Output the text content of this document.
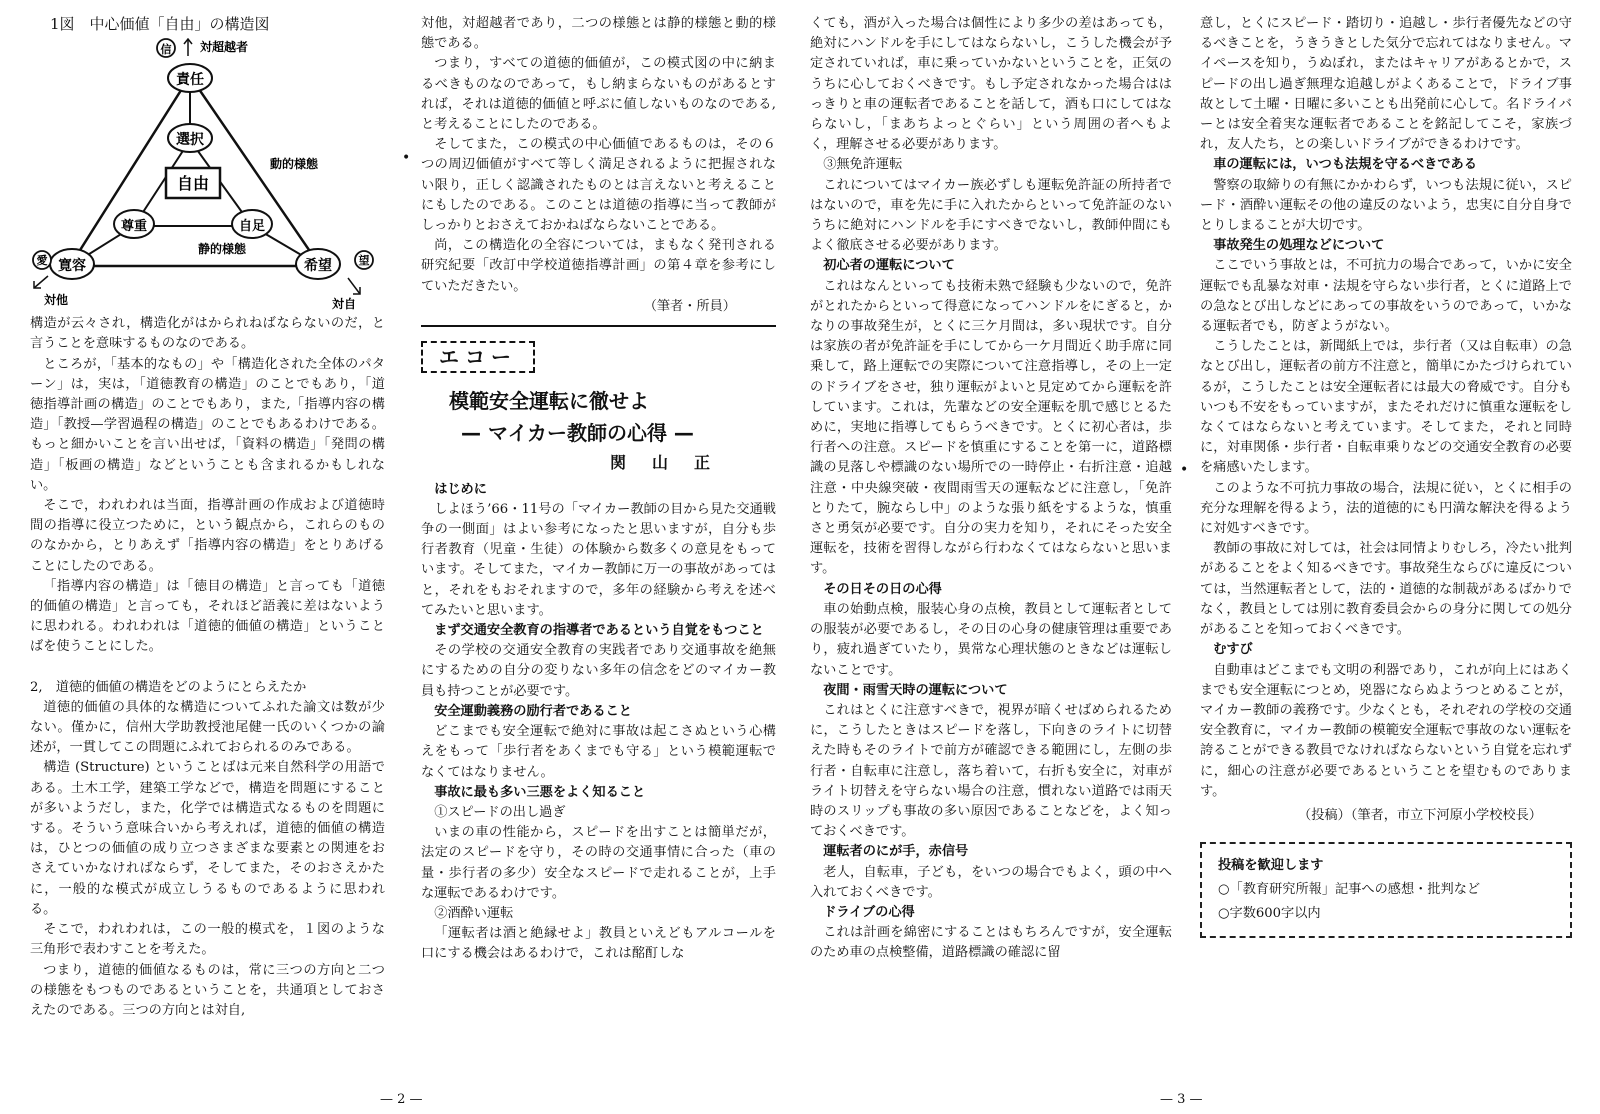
1図　中心価値「自由」の構造図
自由
責任
選択
尊重	自足
寛容	希望
信 対超越者
愛	望
動的様態
静的様態
対他	対自

構造が云々され，構造化がはかられねばならないのだ，と言うことを意味するものなのである。

ところが，「基本的なもの」や「構造化された全体のパターン」は，実は，「道徳教育の構造」のことでもあり，「道徳指導計画の構造」のことでもあり，また,「指導内容の構造」「教授—学習過程の構造」のことでもあるわけである。もっと細かいことを言い出せば，「資料の構造」「発問の構造」「板画の構造」などということも含まれるかもしれない。

そこで，われわれは当面，指導計画の作成および道徳時間の指導に役立つために，という観点から，これらのもののなかから，とりあえず「指導内容の構造」をとりあげることにしたのである。

「指導内容の構造」は「徳目の構造」と言っても「道徳的価値の構造」と言っても，それほど語義に差はないように思われる。われわれは「道徳的価値の構造」ということばを使うことにした。

2,　道徳的価値の構造をどのようにとらえたか

道徳的価値の具体的な構造についてふれた論文は数が少ない。僅かに，信州大学助教授池尾健一氏のいくつかの論述が，一貫してこの問題にふれておられるのみである。

構造 (Structure) ということばは元来自然科学の用語である。土木工学，建築工学などで，構造を問題にすることが多いようだし，また，化学では構造式なるものを問題にする。そういう意味合いから考えれば，道徳的価値の構造は，ひとつの価値の成り立つさまざまな要素との関連をおさえていかなければならず，そしてまた，そのおさえかたに，一般的な模式が成立しうるものであるように思われる。

そこで，われわれは，この一般的模式を，１図のような三角形で表わすことを考えた。

つまり，道徳的価値なるものは，常に三つの方向と二つの様態をもつものであるということを，共通項としておさえたのである。三つの方向とは対自,

対他，対超越者であり，二つの様態とは静的様態と動的様態である。

つまり，すべての道徳的価値が，この模式図の中に納まるべきものなのであって，もし納まらないものがあるとすれば，それは道徳的価値と呼ぶに値しないものなのである,と考えることにしたのである。

そしてまた，この模式の中心価値であるものは，その６つの周辺価値がすべて等しく満足されるように把握されない限り，正しく認識されたものとは言えないと考えることにもしたのである。このことは道徳の指導に当って教師がしっかりとおさえておかねばならないことである。

尚，この構造化の全容については，まもなく発刊される研究紀要「改訂中学校道徳指導計画」の第４章を参考にしていただきたい。

（筆者・所員）

エコー
模範安全運転に徹せよ
— マイカー教師の心得 —
関山正

はじめに

しよほう’66・11号の「マイカー教師の目から見た交通戦争の一側面」はよい参考になったと思いますが，自分も歩行者教育（児童・生徒）の体験から数多くの意見をもっています。そしてまた，マイカー教師に万一の事故があってはと，それをもおそれますので，多年の経験から考えを述べてみたいと思います。

まず交通安全教育の指導者であるという自覚をもつこと

その学校の交通安全教育の実践者であり交通事故を絶無にするための自分の変りない多年の信念をどのマイカー教員も持つことが必要です。

安全運動義務の励行者であること

どこまでも安全運転で絶対に事故は起こさぬという心構えをもって「歩行者をあくまでも守る」という模範運転でなくてはなりません。

事故に最も多い三悪をよく知ること

①スピードの出し過ぎ

いまの車の性能から，スピードを出すことは簡単だが，法定のスピードを守り，その時の交通事情に合った（車の量・歩行者の多少）安全なスピードで走れることが，上手な運転であるわけです。

②酒酔い運転

「運転者は酒と絶縁せよ」教員といえどもアルコールを口にする機会はあるわけで，これは酩酊しな

くても，酒が入った場合は個性により多少の差はあっても，絶対にハンドルを手にしてはならないし，こうした機会が予定されていれば，車に乗っていかないということを，正気のうちに心しておくべきです。もし予定されなかった場合ははっきりと車の運転者であることを話して，酒も口にしてはならないし，「まあちよっとぐらい」という周囲の者へもよく，理解させる必要があります。

③無免許運転

これについてはマイカー族必ずしも運転免許証の所持者ではないので，車を先に手に入れたからといって免許証のないうちに絶対にハンドルを手にすべきでないし，教師仲間にもよく徹底させる必要があります。

初心者の運転について

これはなんといっても技術未熟で経験も少ないので，免許がとれたからといって得意になってハンドルをにぎると，かなりの事故発生が，とくに三ケ月間は，多い現状です。自分は家族の者が免許証を手にしてから一ケ月間近く助手席に同乗して，路上運転での実際について注意指導し，その上一定のドライブをさせ，独り運転がよいと見定めてから運転を許しています。これは，先輩などの安全運転を肌で感じとるために，実地に指導してもらうべきです。とくに初心者は，歩行者への注意。スピードを慎重にすることを第一に，道路標識の見落しや標識のない場所での一時停止・右折注意・追越注意・中央線突破・夜間雨雪天の運転などに注意し，「免許とりたて，腕ならし中」のような張り紙をするような，慎重さと勇気が必要です。自分の実力を知り，それにそった安全運転を，技術を習得しながら行わなくてはならないと思います。

その日その日の心得

車の始動点検，服装心身の点検，教員として運転者としての服装が必要であるし，その日の心身の健康管理は重要であり，疲れ過ぎていたり，異常な心理状態のときなどは運転しないことです。

夜間・雨雪天時の運転について

これはとくに注意すべきで，視界が暗くせばめられるために，こうしたときはスピードを落し，下向きのライトに切替えた時もそのライトで前方が確認できる範囲にし，左側の歩行者・自転車に注意し，落ち着いて，右折も安全に，対車がライト切替えを守らない場合の注意，慣れない道路では雨天時のスリップも事故の多い原因であることなどを，よく知っておくべきです。

運転者のにが手，赤信号

老人，自転車，子ども，をいつの場合でもよく，頭の中へ入れておくべきです。

ドライブの心得

これは計画を綿密にすることはもちろんですが，安全運転のため車の点検整備，道路標識の確認に留

意し，とくにスピード・踏切り・追越し・歩行者優先などの守るべきことを，うきうきとした気分で忘れてはなりません。マイペースを知り，うぬぼれ，またはキャリアがあるとかで，スピードの出し過ぎ無理な追越しがよくあることで，ドライブ事故として土曜・日曜に多いことも出発前に心して。名ドライバーとは安全着実な運転者であることを銘記してこそ，家族づれ，友人たち，との楽しいドライブができるわけです。

車の運転には，いつも法規を守るべきである

警察の取締りの有無にかかわらず，いつも法規に従い，スピード・酒酔い運転その他の違反のないよう，忠実に自分自身でとりしまることが大切です。

事故発生の処理などについて

ここでいう事故とは，不可抗力の場合であって，いかに安全運転でも乱暴な対車・法規を守らない歩行者，とくに道路上での急なとび出しなどにあっての事故をいうのであって，いかなる運転者でも，防ぎようがない。

こうしたことは，新聞紙上では，歩行者（又は自転車）の急なとび出し，運転者の前方不注意と，簡単にかたづけられているが，こうしたことは安全運転者には最大の脅威です。自分もいつも不安をもっていますが，またそれだけに慎重な運転をしなくてはならないと考えています。そしてまた，それと同時に，対車関係・歩行者・自転車乗りなどの交通安全教育の必要を痛感いたします。

このような不可抗力事故の場合，法規に従い，とくに相手の充分な理解を得るよう，法的道徳的にも円満な解決を得るように対処すべきです。

教師の事故に対しては，社会は同情よりむしろ，冷たい批判があることをよく知るべきです。事故発生ならびに違反については，当然運転者として，法的・道徳的な制裁があるばかりでなく，教員としては別に教育委員会からの身分に関しての処分があることを知っておくべきです。

むすび

自動車はどこまでも文明の利器であり，これが向上にはあくまでも安全運転につとめ，兇器にならぬようつとめることが，マイカー教師の義務です。少なくとも，それぞれの学校の交通安全教育に，マイカー教師の模範安全運転で事故のない運転を誇ることができる教員でなければならないという自覚を忘れずに，細心の注意が必要であるということを望むものであります。

（投稿）（筆者，市立下河原小学校校長）

投稿を歓迎します
○「教育研究所報」記事への感想・批判など
○字数600字以内
— 2 —	— 3 —
•
•
